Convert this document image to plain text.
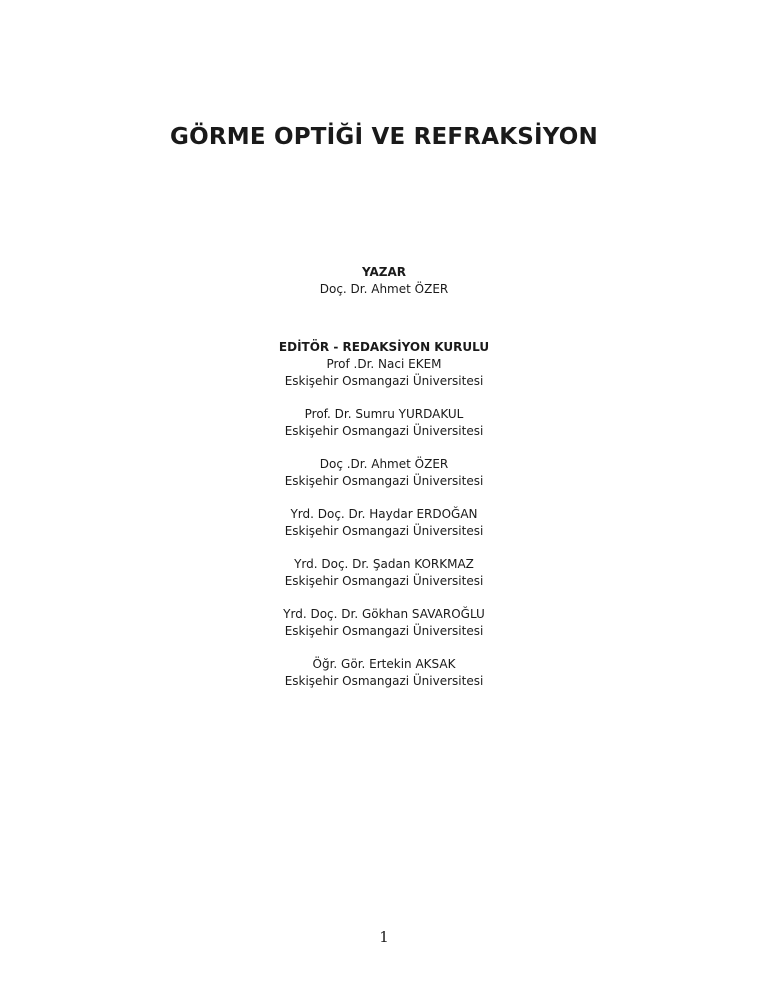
GÖRME OPTİĞİ VE REFRAKSİYON
YAZAR
Doç. Dr. Ahmet ÖZER
EDİTÖR - REDAKSİYON KURULU
Prof .Dr. Naci EKEM
Eskişehir Osmangazi Üniversitesi
Prof. Dr. Sumru YURDAKUL
Eskişehir Osmangazi Üniversitesi
Doç .Dr. Ahmet ÖZER
Eskişehir Osmangazi Üniversitesi
Yrd. Doç. Dr. Haydar ERDOĞAN
Eskişehir Osmangazi Üniversitesi
Yrd. Doç. Dr. Şadan KORKMAZ
Eskişehir Osmangazi Üniversitesi
Yrd. Doç. Dr. Gökhan SAVAROĞLU
Eskişehir Osmangazi Üniversitesi
Öğr. Gör. Ertekin AKSAK
Eskişehir Osmangazi Üniversitesi
1
